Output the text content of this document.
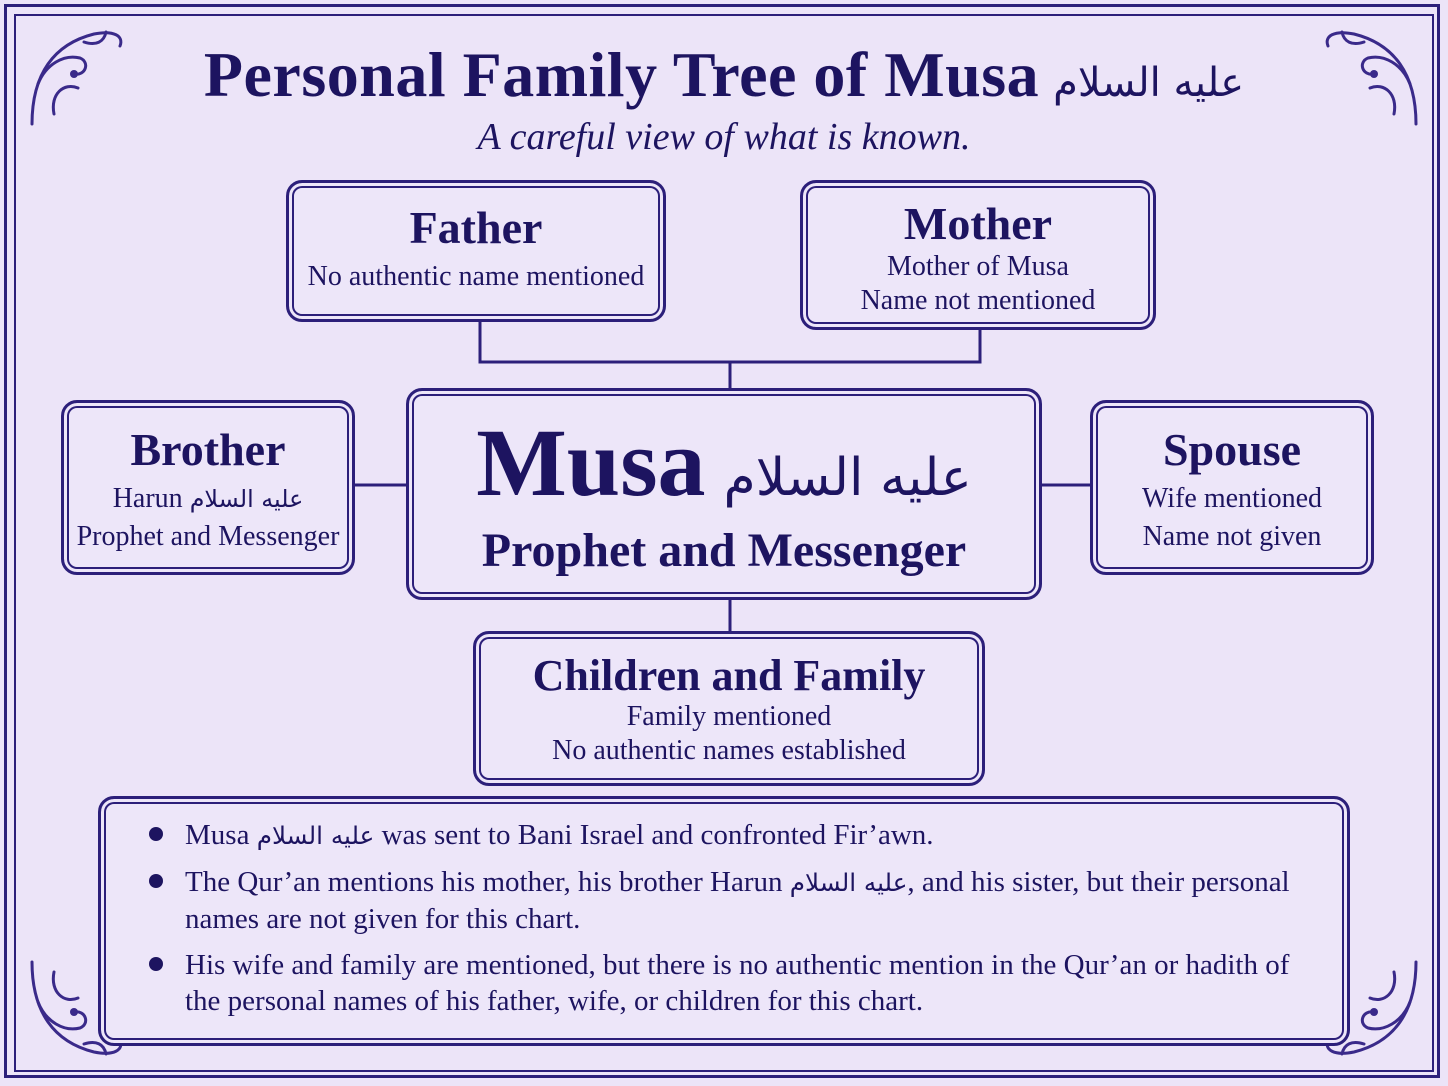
Personal Family Tree of Musa عليه السلام
A careful view of what is known.
Father
No authentic name mentioned
Mother
Mother of Musa
Name not mentioned
Brother
Harun عليه السلام
Prophet and Messenger
Musa عليه السلام
Prophet and Messenger
Spouse
Wife mentioned
Name not given
Children and Family
Family mentioned
No authentic names established
Musa عليه السلام was sent to Bani Israel and confronted Fir’awn.
The Qur’an mentions his mother, his brother Harun عليه السلام, and his sister, but their personal names are not given for this chart.
His wife and family are mentioned, but there is no authentic mention in the Qur’an or hadith of the personal names of his father, wife, or children for this chart.
